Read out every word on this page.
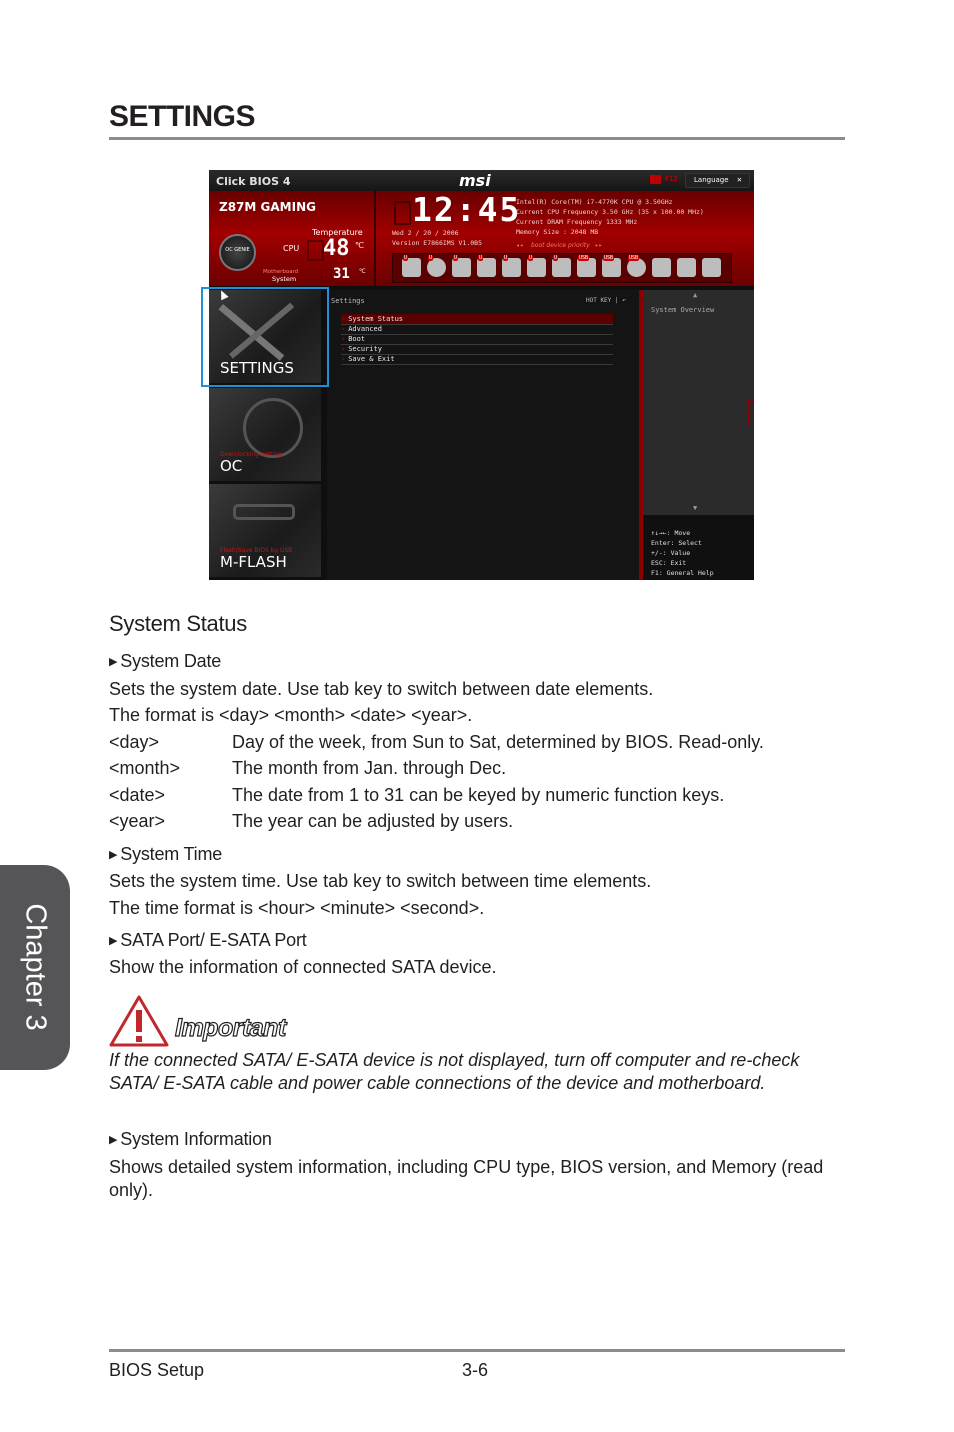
SETTINGS
Click BIOS 4	msi	F12 Language ✕
Z87M GAMING
Temperature
OC GENIE	CPU 48 ℃
Motherboard
System	31 ℃
12:45
Wed 2 / 20 / 2006
Version E7866IMS V1.0B5
Intel(R) Core(TM) i7-4770K CPU @ 3.50GHz
Current CPU Frequency 3.50 GHz (35 x 100.00 MHz)
Current DRAM Frequency 1333 MHz
Memory Size : 2048 MB
◂◂ boot device priority ▸▸
U	U	U	U	U	U	U	USB	USB	USB
SETTINGS
Overclocking setting
OC
Flash/Save BIOS by USB
M-FLASH
Settings	HOT KEY | ↶
› System Status
› Advanced
› Boot
› Security
› Save & Exit
▲
System Overview
▼
↑↓→←: Move
Enter: Select
+/-: Value
ESC: Exit
F1: General Help
System Status
▶ System Date
Sets the system date. Use tab key to switch between date elements.
The format is <day> <month> <date> <year>.
<day>	Day of the week, from Sun to Sat, determined by BIOS. Read-only.
<month>	The month from Jan. through Dec.
<date>	The date from 1 to 31 can be keyed by numeric function keys.
<year>	The year can be adjusted by users.
▶ System Time
Sets the system time. Use tab key to switch between time elements.
The time format is <hour> <minute> <second>.
▶ SATA Port/ E-SATA Port
Show the information of connected SATA device.
Important
If the connected SATA/ E-SATA device is not displayed, turn off computer and re-check SATA/ E-SATA cable and power cable connections of the device and motherboard.
▶ System Information
Shows detailed system information, including CPU type, BIOS version, and Memory (read only).
Chapter 3
BIOS Setup	3-6
